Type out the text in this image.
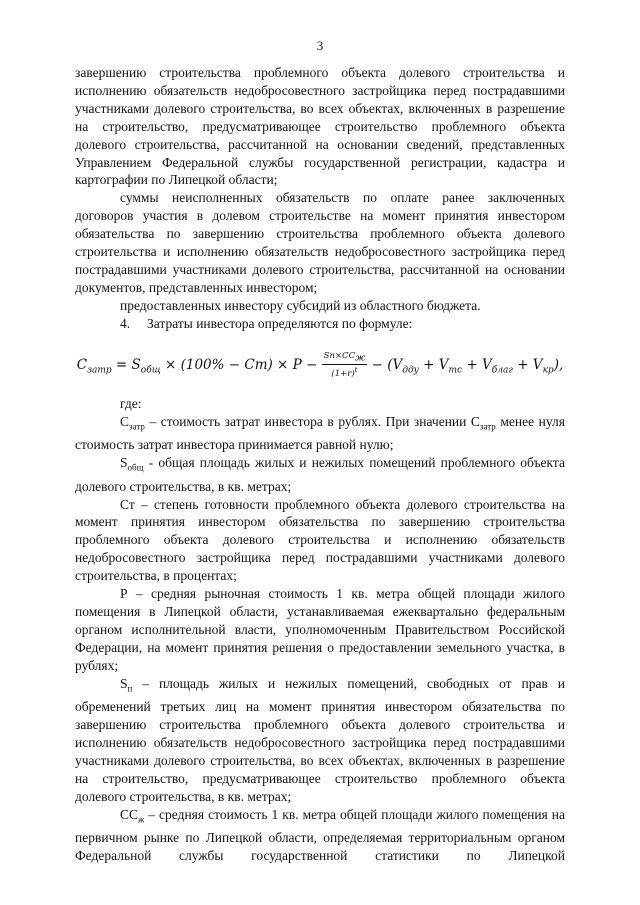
3

завершению строительства проблемного объекта долевого строительства и исполнению обязательств недобросовестного застройщика перед пострадавшими участниками долевого строительства, во всех объектах, включенных в разрешение на строительство, предусматривающее строительство проблемного объекта долевого строительства, рассчитанной на основании сведений, представленных Управлением Федеральной службы государственной регистрации, кадастра и картографии по Липецкой области;

суммы неисполненных обязательств по оплате ранее заключенных договоров участия в долевом строительстве на момент принятия инвестором обязательства по завершению строительства проблемного объекта долевого строительства и исполнению обязательств недобросовестного застройщика перед пострадавшими участниками долевого строительства, рассчитанной на основании документов, представленных инвестором;

предоставленных инвестору субсидий из областного бюджета.

4.     Затраты инвестора определяются по формуле:

$C_{затр} = S_{общ} \times (100\% - Ст) \times P - \frac{Sп\times СС_ж}{(1+r)^t} - (V_{дду} + V_{тс} + V_{благ} + V_{кр})$,

где:

$С_{затр}$ – стоимость затрат инвестора в рублях. При значении $С_{затр}$ менее нуля стоимость затрат инвестора принимается равной нулю;

$S_{общ}$ - общая площадь жилых и нежилых помещений проблемного объекта долевого строительства, в кв. метрах;

Ст – степень готовности проблемного объекта долевого строительства на момент принятия инвестором обязательства по завершению строительства проблемного объекта долевого строительства и исполнению обязательств недобросовестного застройщика перед пострадавшими участниками долевого строительства, в процентах;

Р – средняя рыночная стоимость 1 кв. метра общей площади жилого помещения в Липецкой области, устанавливаемая ежеквартально федеральным органом исполнительной власти, уполномоченным Правительством Российской Федерации, на момент принятия решения о предоставлении земельного участка, в рублях;

$S_п$ – площадь жилых и нежилых помещений, свободных от прав и обременений третьих лиц на момент принятия инвестором обязательства по завершению строительства проблемного объекта долевого строительства и исполнению обязательств недобросовестного застройщика перед пострадавшими участниками долевого строительства, во всех объектах, включенных в разрешение на строительство, предусматривающее строительство проблемного объекта долевого строительства, в кв. метрах;

$СС_ж$ – средняя стоимость 1 кв. метра общей площади жилого помещения на первичном рынке по Липецкой области, определяемая территориальным органом Федеральной службы государственной статистики по Липецкой
